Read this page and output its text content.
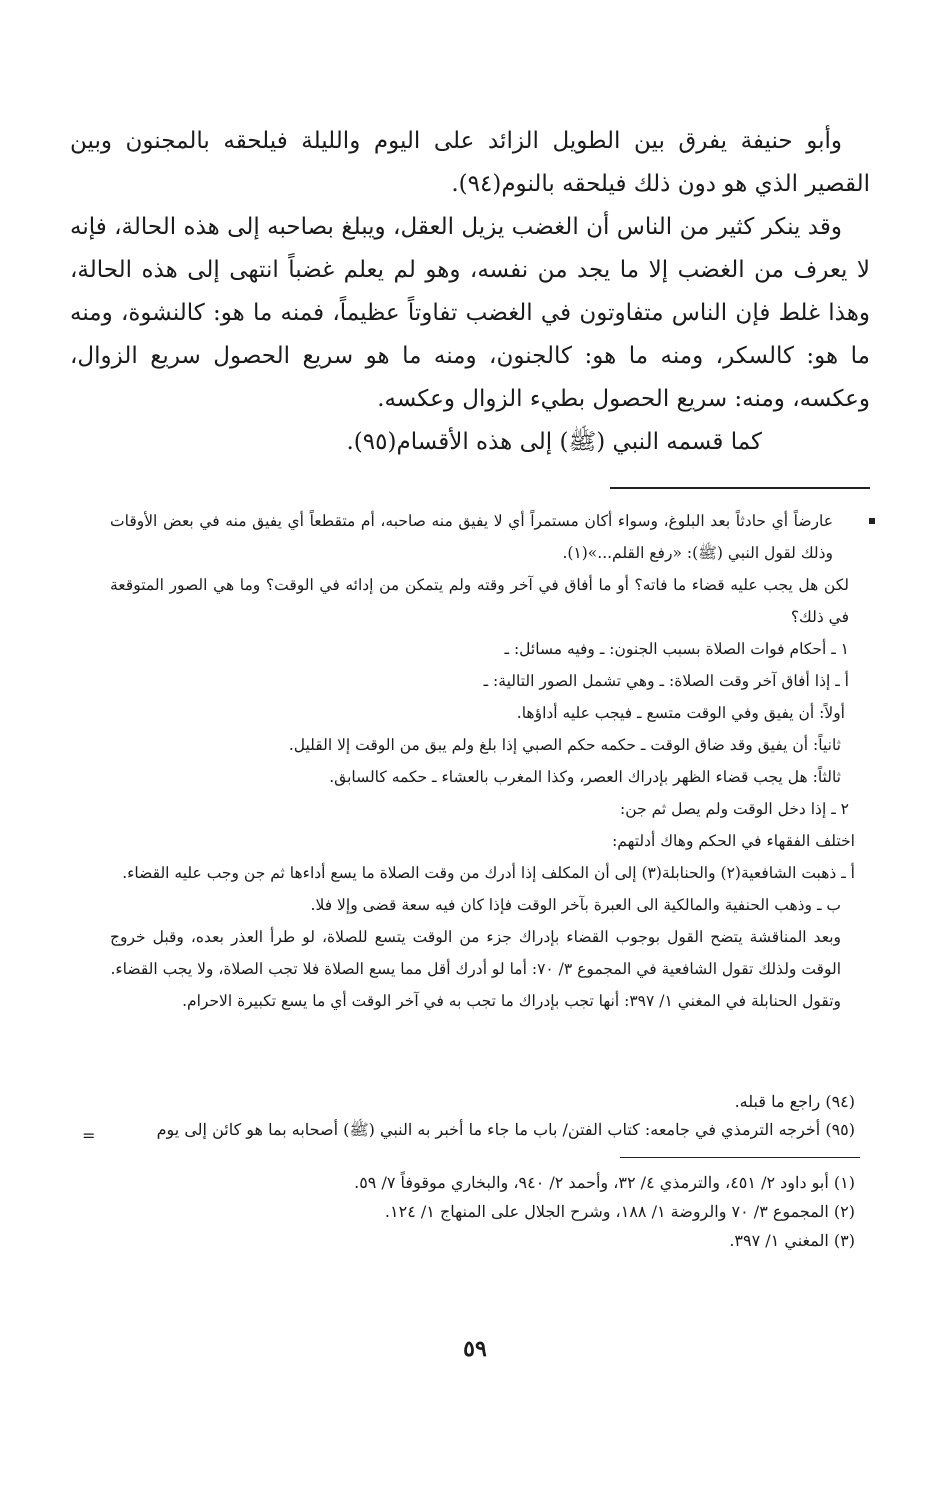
وأبو حنيفة يفرق بين الطويل الزائد على اليوم والليلة فيلحقه بالمجنون وبين القصير الذي هو دون ذلك فيلحقه بالنوم(٩٤).

وقد ينكر كثير من الناس أن الغضب يزيل العقل، ويبلغ بصاحبه إلى هذه الحالة، فإنه لا يعرف من الغضب إلا ما يجد من نفسه، وهو لم يعلم غضباً انتهى إلى هذه الحالة، وهذا غلط فإن الناس متفاوتون في الغضب تفاوتاً عظيماً، فمنه ما هو: كالنشوة، ومنه ما هو: كالسكر، ومنه ما هو: كالجنون، ومنه ما هو سريع الحصول سريع الزوال، وعكسه، ومنه: سريع الحصول بطيء الزوال وعكسه.

كما قسمه النبي (ﷺ) إلى هذه الأقسام(٩٥).

عارضاً أي حادثاً بعد البلوغ، وسواء أكان مستمراً أي لا يفيق منه صاحبه، أم متقطعاً أي يفيق منه في بعض الأوقات وذلك لقول النبي (ﷺ): «رفع القلم...»(١).

لكن هل يجب عليه قضاء ما فاته؟ أو ما أفاق في آخر وقته ولم يتمكن من إدائه في الوقت؟ وما هي الصور المتوقعة في ذلك؟

١ ـ أحكام فوات الصلاة بسبب الجنون: ـ وفيه مسائل: ـ

أ ـ إذا أفاق آخر وقت الصلاة: ـ وهي تشمل الصور التالية: ـ

أولاً: أن يفيق وفي الوقت متسع ـ فيجب عليه أداؤها.

ثانياً: أن يفيق وقد ضاق الوقت ـ حكمه حكم الصبي إذا بلغ ولم يبق من الوقت إلا القليل.

ثالثاً: هل يجب قضاء الظهر بإدراك العصر، وكذا المغرب بالعشاء ـ حكمه كالسابق.

٢ ـ إذا دخل الوقت ولم يصل ثم جن:

اختلف الفقهاء في الحكم وهاك أدلتهم:

أ ـ ذهبت الشافعية(٢) والحنابلة(٣) إلى أن المكلف إذا أدرك من وقت الصلاة ما يسع أداءها ثم جن وجب عليه القضاء.

ب ـ وذهب الحنفية والمالكية الى العبرة بآخر الوقت فإذا كان فيه سعة قضى وإلا فلا.

وبعد المناقشة يتضح القول بوجوب القضاء بإدراك جزء من الوقت يتسع للصلاة، لو طرأ العذر بعده، وقبل خروج الوقت ولذلك تقول الشافعية في المجموع ٣/ ٧٠: أما لو أدرك أقل مما يسع الصلاة فلا تجب الصلاة، ولا يجب القضاء.

وتقول الحنابلة في المغني ١/ ٣٩٧: أنها تجب بإدراك ما تجب به في آخر الوقت أي ما يسع تكبيرة الاحرام.

(٩٤) راجع ما قبله.

(٩٥) أخرجه الترمذي في جامعه: كتاب الفتن/ باب ما جاء ما أخبر به النبي (ﷺ) أصحابه بما هو كائن إلى يوم

=

(١) أبو داود ٢/ ٤٥١، والترمذي ٤/ ٣٢، وأحمد ٢/ ٩٤٠، والبخاري موقوفاً ٧/ ٥٩.

(٢) المجموع ٣/ ٧٠ والروضة ١/ ١٨٨، وشرح الجلال على المنهاج ١/ ١٢٤.

(٣) المغني ١/ ٣٩٧.

٥٩
